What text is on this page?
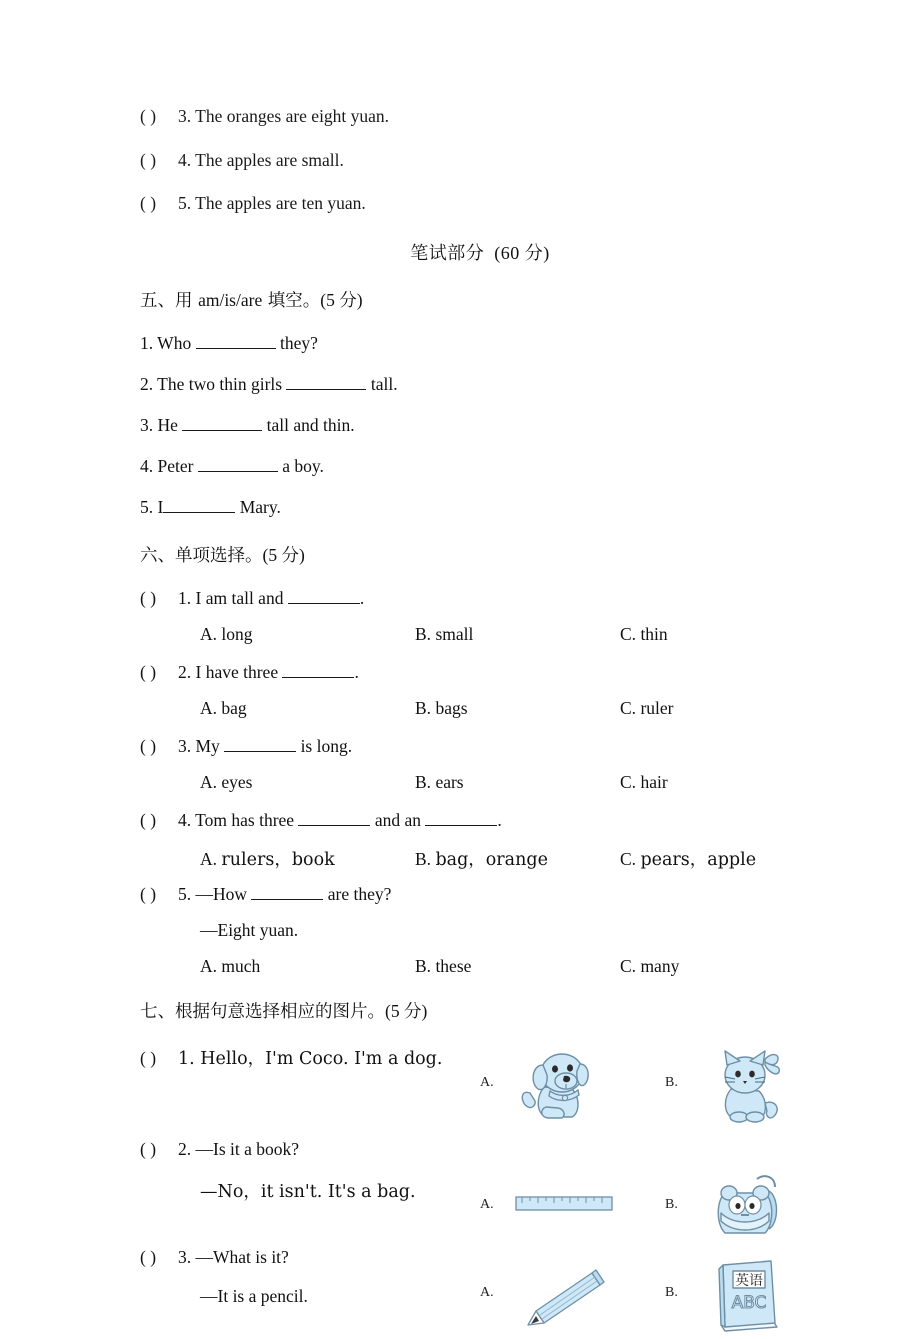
( ) 3. The oranges are eight yuan.
( ) 4. The apples are small.
( ) 5. The apples are ten yuan.
笔试部分 (60 分)
五、用 am/is/are 填空。(5 分)
1. Who	they?
2. The two thin girls	tall.
3. He	tall and thin.
4. Peter	a boy.
5. I	Mary.
六、单项选择。(5 分)
( ) 1. I am tall and	.
A. long	B. small	C. thin
( ) 2. I have three	.
A. bag	B. bags	C. ruler
( ) 3. My	is long.
A. eyes	B. ears	C. hair
( ) 4. Tom has three	and an	.
A. rulers，book	B. bag，orange	C. pears，apple
( ) 5. —How	are they?
—Eight yuan.
A. much	B. these	C. many
七、根据句意选择相应的图片。(5 分)
( ) 1. Hello，I'm Coco. I'm a dog.
A.	B.
( ) 2. —Is it a book?
—No，it isn't. It's a bag.
A.	B.
( ) 3. —What is it?
—It is a pencil.	A.	B.
英语
ABC
